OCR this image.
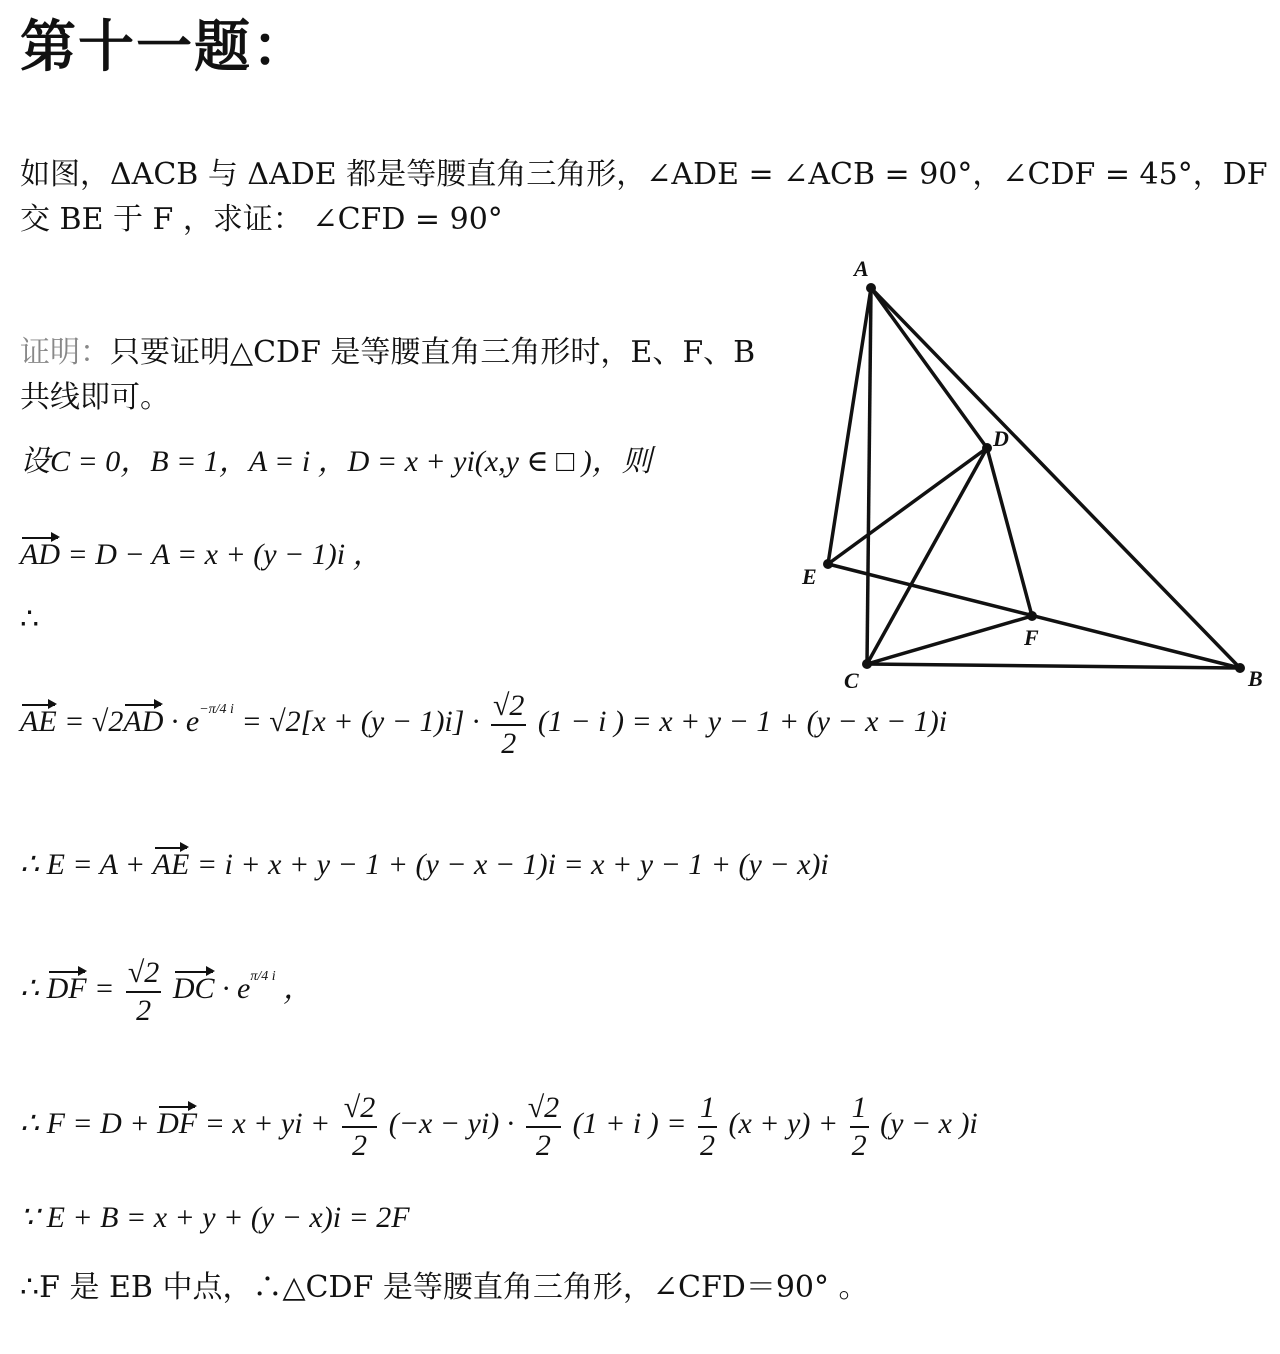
第十一题：
如图，ΔACB 与 ΔADE 都是等腰直角三角形，∠ADE = ∠ACB = 90°，∠CDF = 45°，DF
交 BE 于 F ，求证： ∠CFD = 90°
证明：只要证明△CDF 是等腰直角三角形时，E、F、B
共线即可。
设C = 0，B = 1，A = i ，D = x + yi(x,y ∈ □ )，则
AD = D − A = x + (y − 1)i ，
∴
AE = $√2AD \cdot e^{-\pi/4 i} = √2[x + (y - 1)i] \cdot \frac{√2}{2} (1 - i$ ) = x + y − 1 + (y − x − 1)i
∴ E = A + AE = i + x + y − 1 + (y − x − 1)i = x + y − 1 + (y − x)i
∴ DF = $\frac{√2}{2}$ DC · $e^{\pi/4 i}$ ，
∴ F = D + DF = x + yi + $\frac{√2}{2} (-x - yi) \cdot \frac{√2}{2} (1 + i$ ) = $\frac{1}{2} (x + y) + \frac{1}{2} (y - x$ )i
∵ E + B = x + y + (y − x)i = 2F
∴F 是 EB 中点，∴△CDF 是等腰直角三角形，∠CFD＝90° 。
A
D
E
F
C	B
